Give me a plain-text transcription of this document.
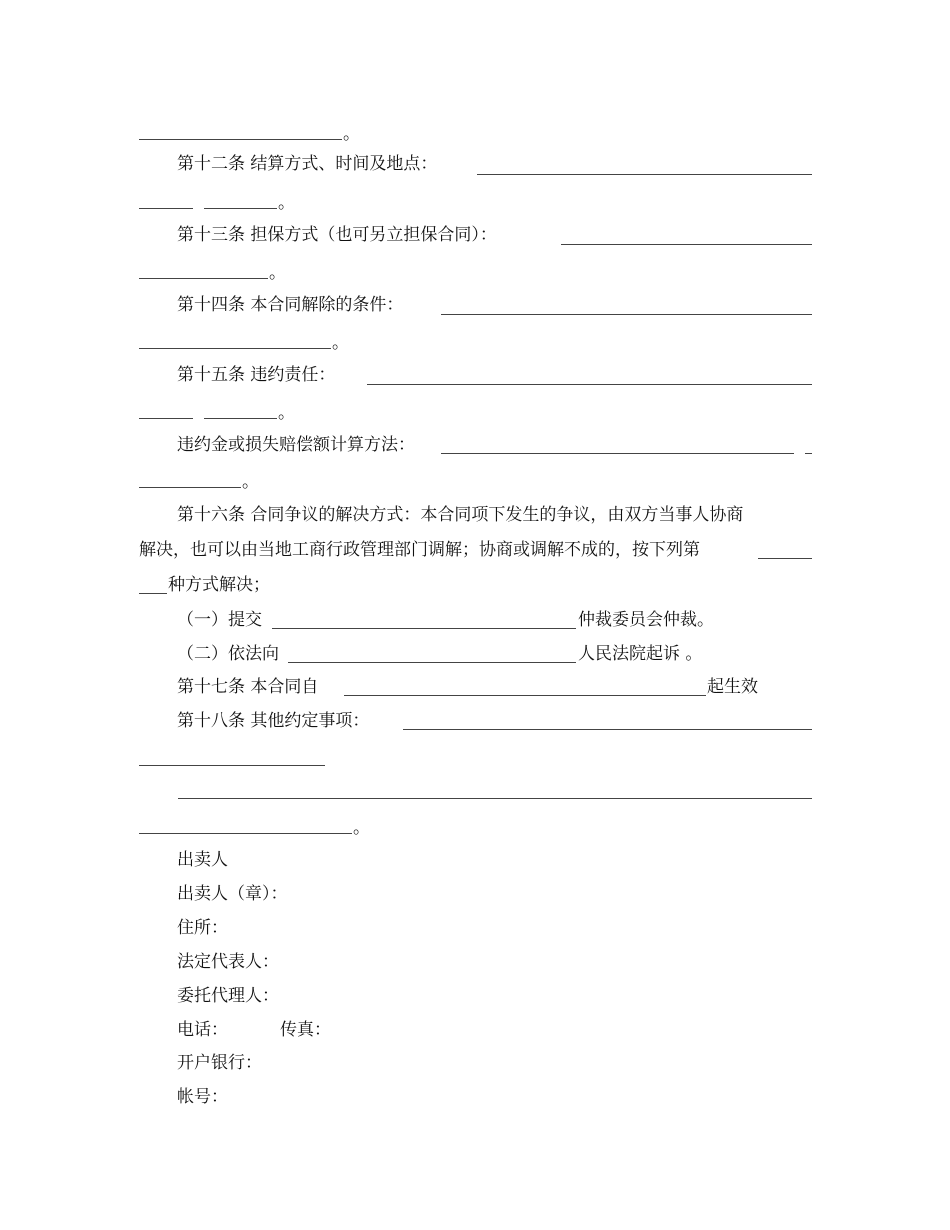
。
第十二条 结算方式、时间及地点：
。
第十三条 担保方式（也可另立担保合同）：
。
第十四条 本合同解除的条件：
。
第十五条 违约责任：
。
违约金或损失赔偿额计算方法：
。
第十六条 合同争议的解决方式：本合同项下发生的争议，由双方当事人协商
解决，也可以由当地工商行政管理部门调解；协商或调解不成的，按下列第
种方式解决；
（一）提交	仲裁委员会仲裁。
（二）依法向	人民法院起诉 。
第十七条 本合同自	起生效
第十八条 其他约定事项：
。
出卖人
出卖人（章）：
住所：
法定代表人：
委托代理人：
电话：	传真：
开户银行：
帐号：
